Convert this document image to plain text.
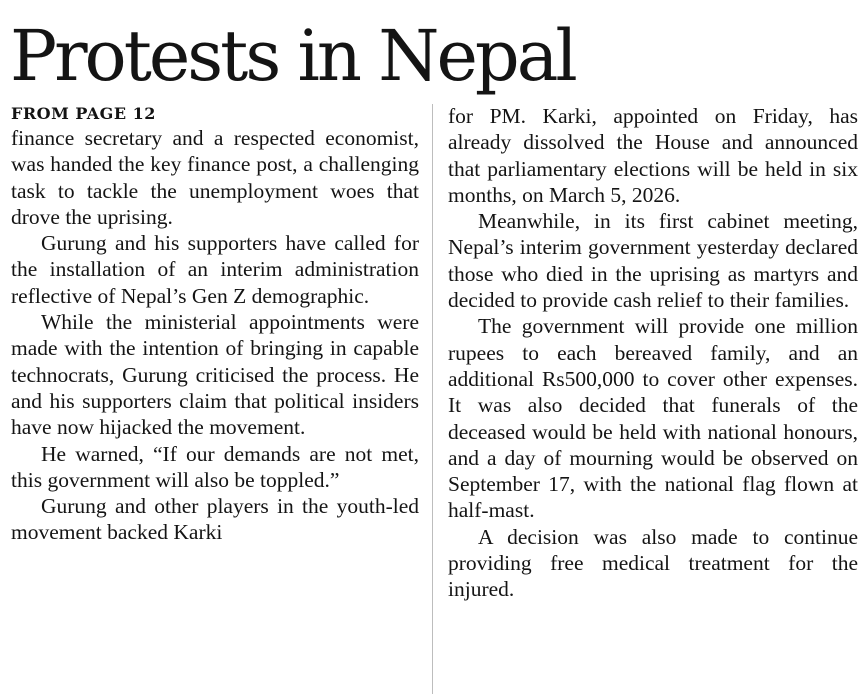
Protests in Nepal
FROM PAGE 12

finance secretary and a respected economist, was handed the key finance post, a challenging task to tackle the unemployment woes that drove the uprising.

Gurung and his supporters have called for the installation of an interim administration reflective of Nepal’s Gen Z demographic.

While the ministerial appointments were made with the intention of bringing in capable technocrats, Gurung criticised the process. He and his supporters claim that political insiders have now hijacked the movement.

He warned, “If our demands are not met, this government will also be toppled.”

Gurung and other players in the youth-led movement backed Karki

for PM. Karki, appointed on Friday, has already dissolved the House and announced that parliamentary elections will be held in six months, on March 5, 2026.

Meanwhile, in its first cabinet meeting, Nepal’s interim government yesterday declared those who died in the uprising as martyrs and decided to provide cash relief to their families.

The government will provide one million rupees to each bereaved family, and an additional Rs500,000 to cover other expenses. It was also decided that funerals of the deceased would be held with national honours, and a day of mourning would be observed on September 17, with the national flag flown at half-mast.

A decision was also made to continue providing free medical treatment for the injured.
